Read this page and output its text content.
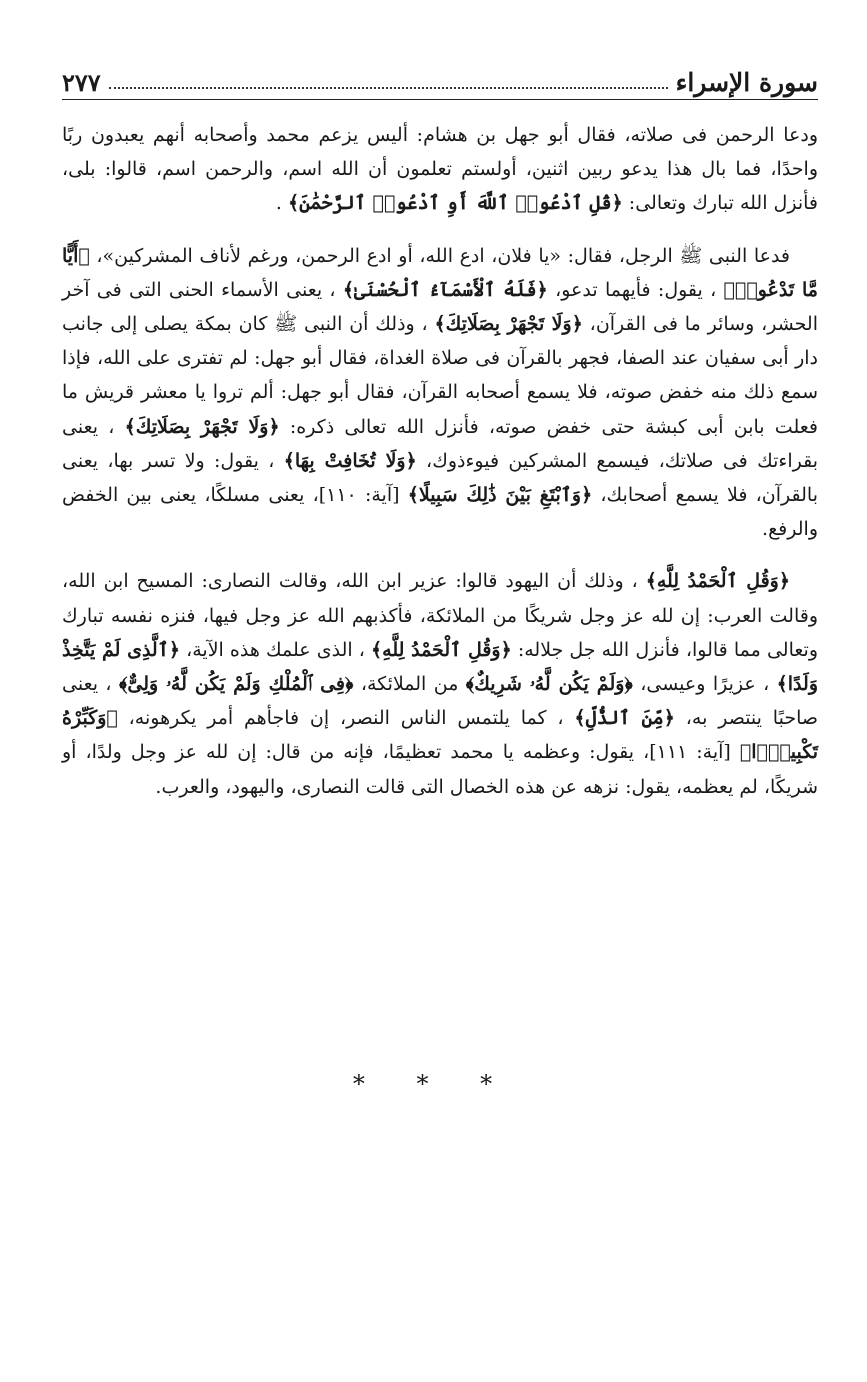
سورة الإسراء
٢٧٧

ودعا الرحمن فى صلاته، فقال أبو جهل بن هشام: أليس يزعم محمد وأصحابه أنهم يعبدون ربًا واحدًا، فما بال هذا يدعو ربين اثنين، أولستم تعلمون أن الله اسم، والرحمن اسم، قالوا: بلى، فأنزل الله تبارك وتعالى: ﴿قُلِ ٱدْعُوا۟ ٱللَّهَ أَوِ ٱدْعُوا۟ ٱلرَّحْمَٰنَ﴾ .

فدعا النبى ﷺ الرجل، فقال: «يا فلان، ادع الله، أو ادع الرحمن، ورغم لأناف المشركين»، ﴿أَيًّا مَّا تَدْعُوا۟﴾ ، يقول: فأيهما تدعو، ﴿فَلَهُ ٱلْأَسْمَآءُ ٱلْحُسْنَىٰ﴾ ، يعنى الأسماء الحنى التى فى آخر الحشر، وسائر ما فى القرآن، ﴿وَلَا تَجْهَرْ بِصَلَاتِكَ﴾ ، وذلك أن النبى ﷺ كان بمكة يصلى إلى جانب دار أبى سفيان عند الصفا، فجهر بالقرآن فى صلاة الغداة، فقال أبو جهل: لم تفترى على الله، فإذا سمع ذلك منه خفض صوته، فلا يسمع أصحابه القرآن، فقال أبو جهل: ألم تروا يا معشر قريش ما فعلت بابن أبى كبشة حتى خفض صوته، فأنزل الله تعالى ذكره: ﴿وَلَا تَجْهَرْ بِصَلَاتِكَ﴾ ، يعنى بقراءتك فى صلاتك، فيسمع المشركين فيوءذوك، ﴿وَلَا تُخَافِتْ بِهَا﴾ ، يقول: ولا تسر بها، يعنى بالقرآن، فلا يسمع أصحابك، ﴿وَٱبْتَغِ بَيْنَ ذَٰلِكَ سَبِيلًا﴾ [آية: ١١٠]، يعنى مسلكًا، يعنى بين الخفض والرفع.

﴿وَقُلِ ٱلْحَمْدُ لِلَّهِ﴾ ، وذلك أن اليهود قالوا: عزير ابن الله، وقالت النصارى: المسيح ابن الله، وقالت العرب: إن لله عز وجل شريكًا من الملائكة، فأكذبهم الله عز وجل فيها، فنزه نفسه تبارك وتعالى مما قالوا، فأنزل الله جل جلاله: ﴿وَقُلِ ٱلْحَمْدُ لِلَّهِ﴾ ، الذى علمك هذه الآية، ﴿ٱلَّذِى لَمْ يَتَّخِذْ وَلَدًا﴾ ، عزيرًا وعيسى، ﴿وَلَمْ يَكُن لَّهُۥ شَرِيكٌ﴾ من الملائكة، ﴿فِى ٱلْمُلْكِ وَلَمْ يَكُن لَّهُۥ وَلِىٌّ﴾ ، يعنى صاحبًا ينتصر به، ﴿مِّنَ ٱلذُّلِّ﴾ ، كما يلتمس الناس النصر، إن فاجأهم أمر يكرهونه، ﴿وَكَبِّرْهُ تَكْبِيرًۢا﴾ [آية: ١١١]، يقول: وعظمه يا محمد تعظيمًا، فإنه من قال: إن لله عز وجل ولدًا، أو شريكًا، لم يعظمه، يقول: نزهه عن هذه الخصال التى قالت النصارى، واليهود، والعرب.

* * *
